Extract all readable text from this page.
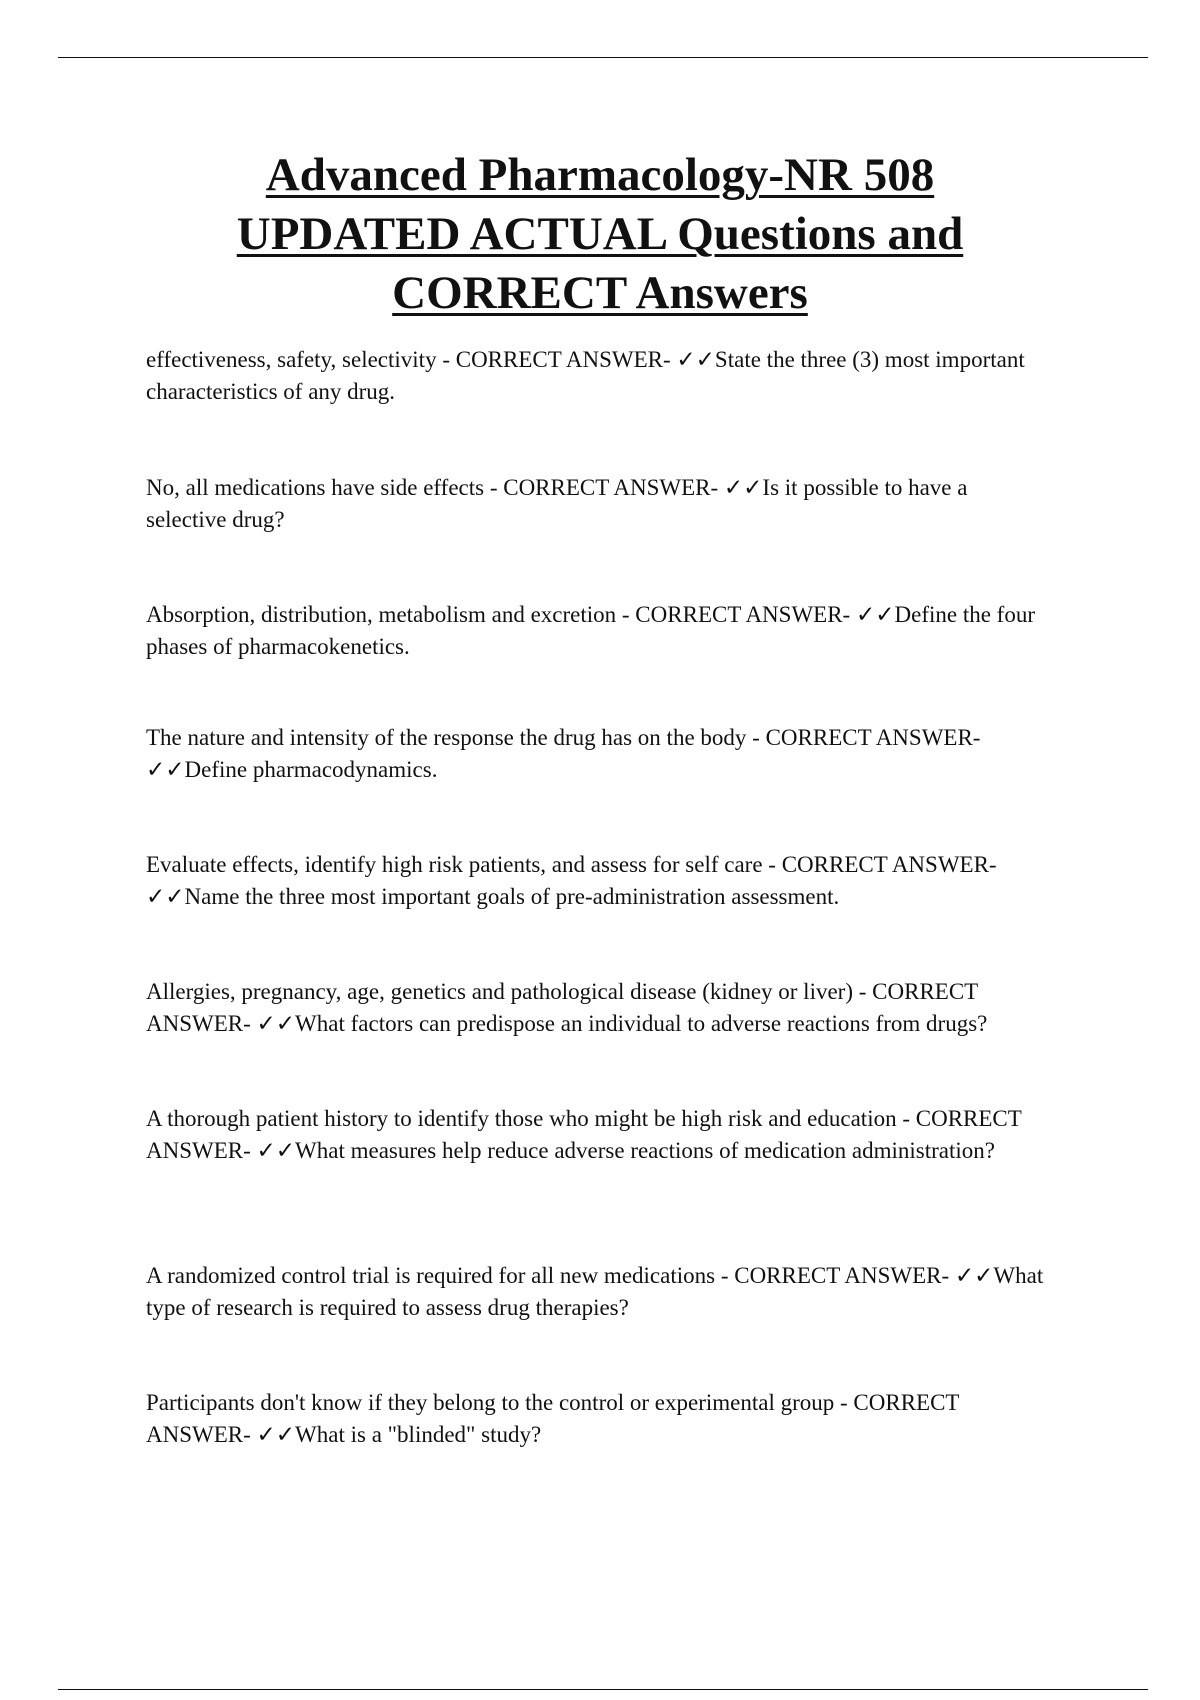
Advanced Pharmacology-NR 508
UPDATED ACTUAL Questions and
CORRECT Answers

effectiveness, safety, selectivity - CORRECT ANSWER- ✓✓State the three (3) most important characteristics of any drug.

No, all medications have side effects - CORRECT ANSWER- ✓✓Is it possible to have a selective drug?

Absorption, distribution, metabolism and excretion - CORRECT ANSWER- ✓✓Define the four phases of pharmacokenetics.

The nature and intensity of the response the drug has on the body - CORRECT ANSWER- ✓✓Define pharmacodynamics.

Evaluate effects, identify high risk patients, and assess for self care - CORRECT ANSWER- ✓✓Name the three most important goals of pre-administration assessment.

Allergies, pregnancy, age, genetics and pathological disease (kidney or liver) - CORRECT ANSWER- ✓✓What factors can predispose an individual to adverse reactions from drugs?

A thorough patient history to identify those who might be high risk and education - CORRECT ANSWER- ✓✓What measures help reduce adverse reactions of medication administration?

A randomized control trial is required for all new medications - CORRECT ANSWER- ✓✓What type of research is required to assess drug therapies?

Participants don't know if they belong to the control or experimental group - CORRECT ANSWER- ✓✓What is a "blinded" study?
